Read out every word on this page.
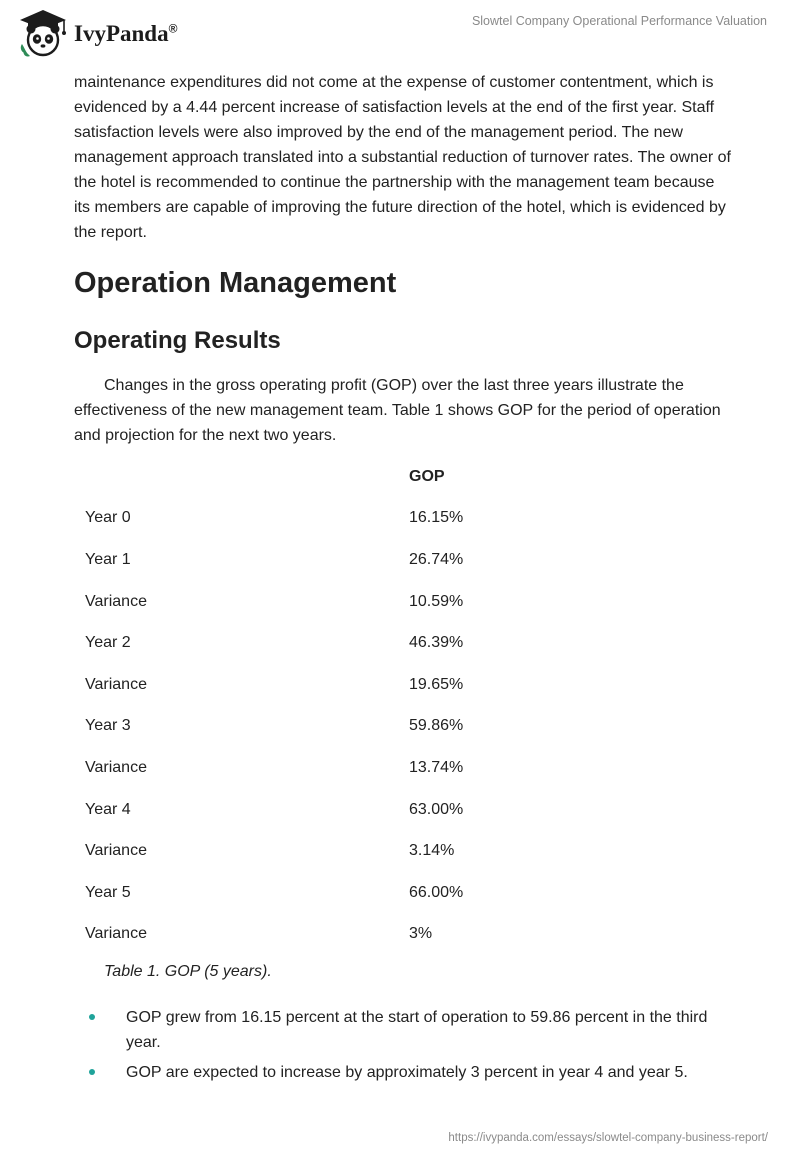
IvyPanda®
Slowtel Company Operational Performance Valuation

maintenance expenditures did not come at the expense of customer contentment, which is evidenced by a 4.44 percent increase of satisfaction levels at the end of the first year. Staff satisfaction levels were also improved by the end of the management period. The new management approach translated into a substantial reduction of turnover rates. The owner of the hotel is recommended to continue the partnership with the management team because its members are capable of improving the future direction of the hotel, which is evidenced by the report.

Operation Management
Operating Results

Changes in the gross operating profit (GOP) over the last three years illustrate the effectiveness of the new management team. Table 1 shows GOP for the period of operation and projection for the next two years.

	GOP
Year 0	16.15%
Year 1	26.74%
Variance	10.59%
Year 2	46.39%
Variance	19.65%
Year 3	59.86%
Variance	13.74%
Year 4	63.00%
Variance	3.14%
Year 5	66.00%
Variance	3%
Table 1. GOP (5 years).
GOP grew from 16.15 percent at the start of operation to 59.86 percent in the third year.
GOP are expected to increase by approximately 3 percent in year 4 and year 5.
https://ivypanda.com/essays/slowtel-company-business-report/
